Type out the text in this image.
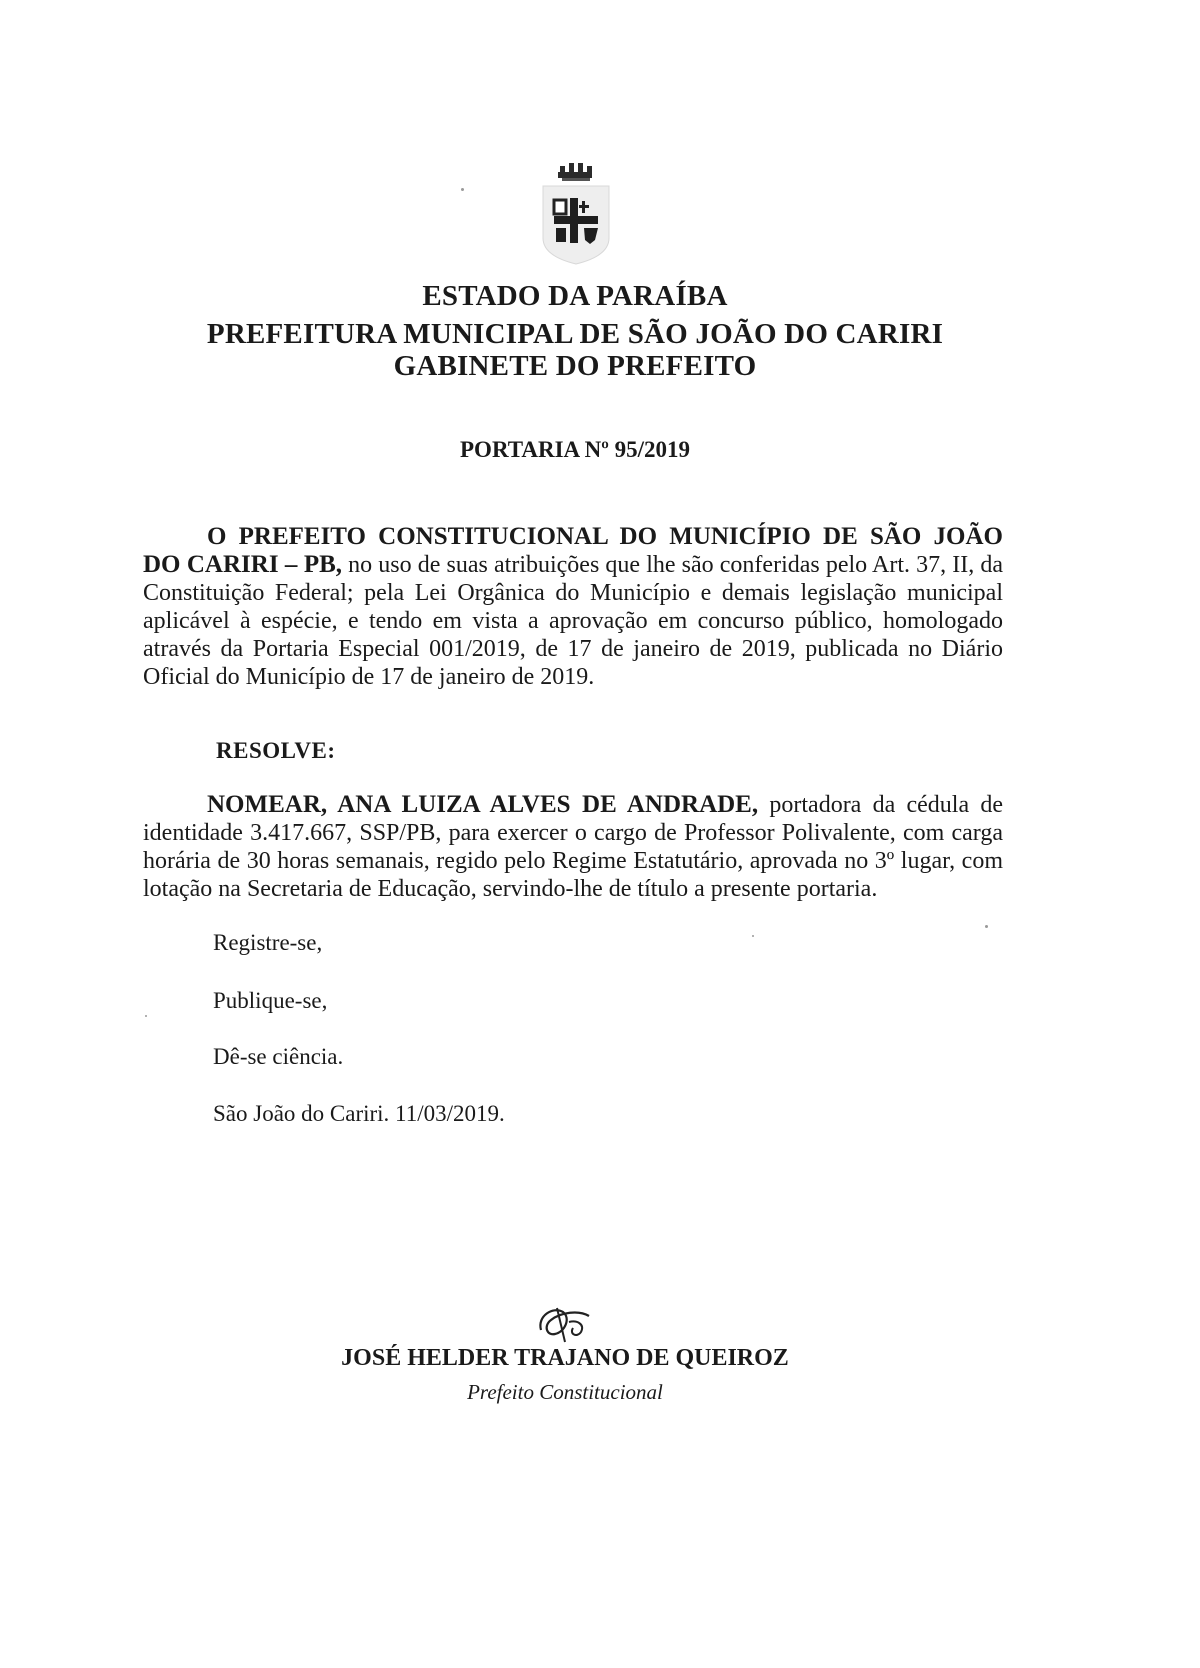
ESTADO DA PARAÍBA
PREFEITURA MUNICIPAL DE SÃO JOÃO DO CARIRI
GABINETE DO PREFEITO
PORTARIA Nº 95/2019

O PREFEITO CONSTITUCIONAL DO MUNICÍPIO DE SÃO JOÃO DO CARIRI – PB, no uso de suas atribuições que lhe são conferidas pelo Art. 37, II, da Constituição Federal; pela Lei Orgânica do Município e demais legislação municipal aplicável à espécie, e tendo em vista a aprovação em concurso público, homologado através da Portaria Especial 001/2019, de 17 de janeiro de 2019, publicada no Diário Oficial do Município de 17 de janeiro de 2019.

RESOLVE:

NOMEAR, ANA LUIZA ALVES DE ANDRADE, portadora da cédula de identidade 3.417.667, SSP/PB, para exercer o cargo de Professor Polivalente, com carga horária de 30 horas semanais, regido pelo Regime Estatutário, aprovada no 3º lugar, com lotação na Secretaria de Educação, servindo-lhe de título a presente portaria.

Registre-se,
Publique-se,
Dê-se ciência.
São João do Cariri. 11/03/2019.
JOSÉ HELDER TRAJANO DE QUEIROZ
Prefeito Constitucional
